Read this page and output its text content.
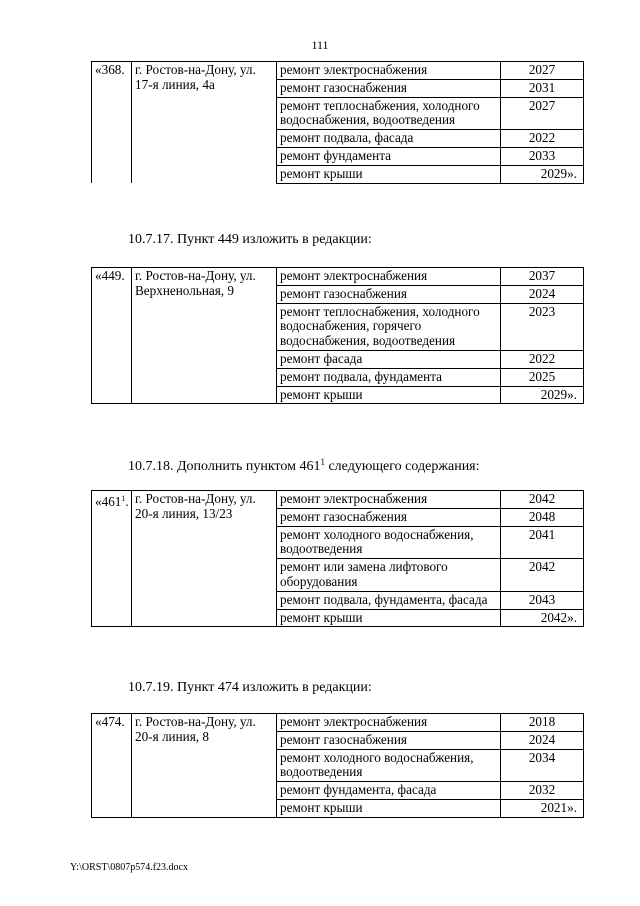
111
«368.	г. Ростов-на-Дону, ул. 17-я линия, 4а	ремонт электроснабжения	2027
		ремонт газоснабжения	2031
		ремонт теплоснабжения, холодного водоснабжения, водоотведения	2027
		ремонт подвала, фасада	2022
		ремонт фундамента	2033
		ремонт крыши	2029».
10.7.17. Пункт 449 изложить в редакции:
«449.	г. Ростов-на-Дону, ул. Верхненольная, 9	ремонт электроснабжения	2037
		ремонт газоснабжения	2024
		ремонт теплоснабжения, холодного водоснабжения, горячего водоснабжения, водоотведения	2023
		ремонт фасада	2022
		ремонт подвала, фундамента	2025
		ремонт крыши	2029».
10.7.18. Дополнить пунктом $461^1$ следующего содержания:
«$461^1$.	г. Ростов-на-Дону, ул. 20-я линия, 13/23	ремонт электроснабжения	2042
		ремонт газоснабжения	2048
		ремонт холодного водоснабжения, водоотведения	2041
		ремонт или замена лифтового оборудования	2042
		ремонт подвала, фундамента, фасада	2043
		ремонт крыши	2042».
10.7.19. Пункт 474 изложить в редакции:
«474.	г. Ростов-на-Дону, ул. 20-я линия, 8	ремонт электроснабжения	2018
		ремонт газоснабжения	2024
		ремонт холодного водоснабжения, водоотведения	2034
		ремонт фундамента, фасада	2032
		ремонт крыши	2021».
Y:\ORST\0807p574.f23.docx
